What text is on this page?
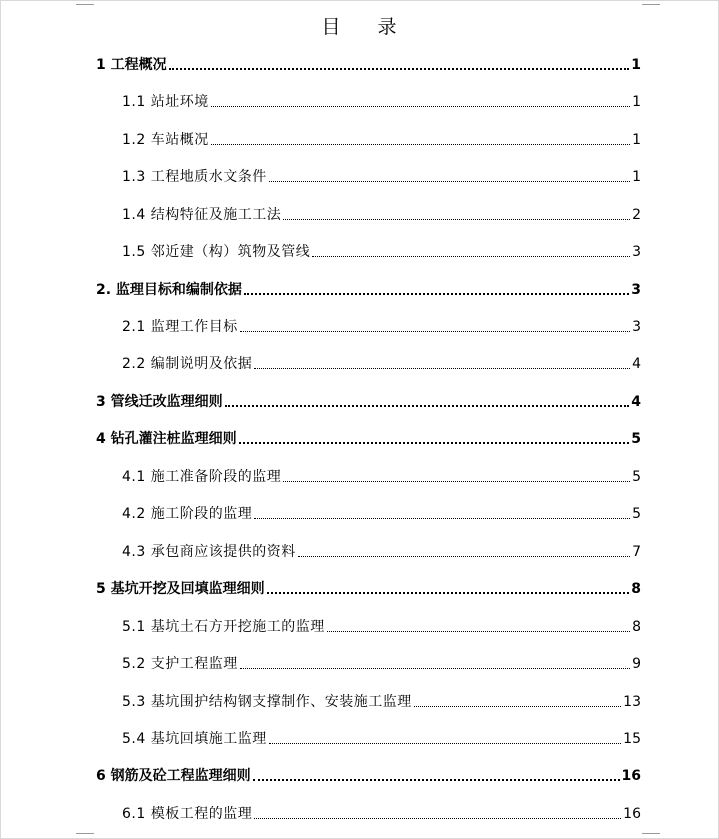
目 录
1 工程概况	1
1.1 站址环境	1
1.2 车站概况	1
1.3 工程地质水文条件	1
1.4 结构特征及施工工法	2
1.5 邻近建（构）筑物及管线	3
2. 监理目标和编制依据	3
2.1 监理工作目标	3
2.2 编制说明及依据	4
3 管线迁改监理细则	4
4 钻孔灌注桩监理细则	5
4.1 施工准备阶段的监理	5
4.2 施工阶段的监理	5
4.3 承包商应该提供的资料	7
5 基坑开挖及回填监理细则	8
5.1 基坑土石方开挖施工的监理	8
5.2 支护工程监理	9
5.3 基坑围护结构钢支撑制作、安装施工监理	13
5.4 基坑回填施工监理	15
6 钢筋及砼工程监理细则	16
6.1 模板工程的监理	16
